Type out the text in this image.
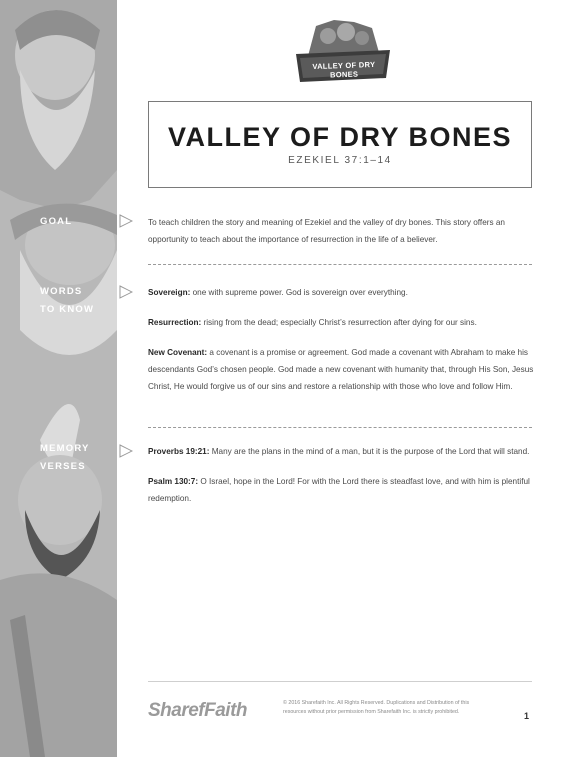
GOAL
WORDS
TO KNOW
MEMORY
VERSES
VALLEY OF DRY BONES
VALLEY OF DRY BONES
EZEKIEL 37:1–14

To teach children the story and meaning of Ezekiel and the valley of dry bones. This story offers an opportunity to teach about the importance of resurrection in the life of a believer.

Sovereign: one with supreme power. God is sovereign over everything.

Resurrection: rising from the dead; especially Christ’s resurrection after dying for our sins.

New Covenant: a covenant is a promise or agreement. God made a covenant with Abraham to make his descendants God’s chosen people. God made a new covenant with humanity that, through His Son, Jesus Christ, He would forgive us of our sins and restore a relationship with those who love and follow Him.

Proverbs 19:21: Many are the plans in the mind of a man, but it is the purpose of the Lord that will stand.

Psalm 130:7: O Israel, hope in the Lord! For with the Lord there is steadfast love, and with him is plentiful redemption.

SharefFaith	© 2016 Sharefaith Inc. All Rights Reserved. Duplications and Distribution of this resources without prior permission from Sharefaith Inc. is strictly prohibited.	1
